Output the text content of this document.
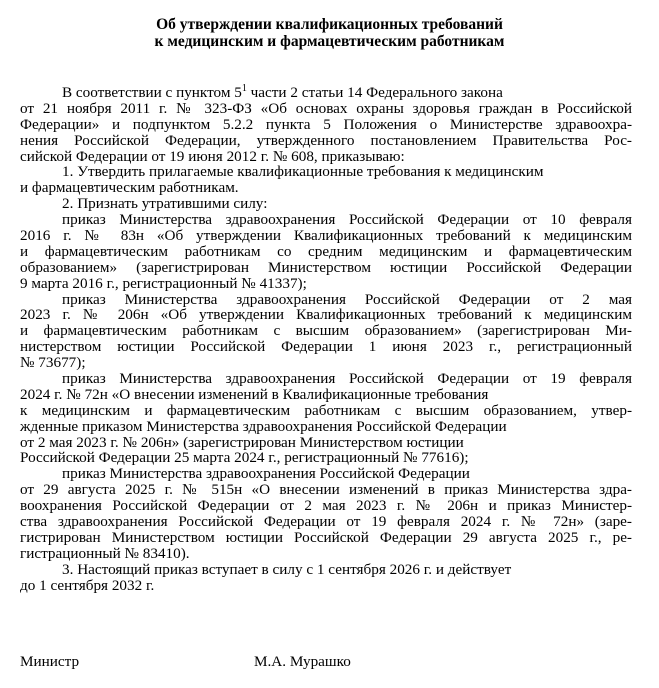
Об утверждении квалификационных требований
к медицинским и фармацевтическим работникам
В соответствии с пунктом $5^1$ части 2 статьи 14 Федерального закона
от 21 ноября 2011 г. № 323-ФЗ «Об основах охраны здоровья граждан в Российской
Федерации» и подпунктом 5.2.2 пункта 5 Положения о Министерстве здравоохра-
нения Российской Федерации, утвержденного постановлением Правительства Рос-
сийской Федерации от 19 июня 2012 г. № 608, приказываю:
1. Утвердить прилагаемые квалификационные требования к медицинским
и фармацевтическим работникам.
2. Признать утратившими силу:
приказ Министерства здравоохранения Российской Федерации от 10 февраля
2016 г. № 83н «Об утверждении Квалификационных требований к медицинским
и фармацевтическим работникам со средним медицинским и фармацевтическим
образованием» (зарегистрирован Министерством юстиции Российской Федерации
9 марта 2016 г., регистрационный № 41337);
приказ Министерства здравоохранения Российской Федерации от 2 мая
2023 г. № 206н «Об утверждении Квалификационных требований к медицинским
и фармацевтическим работникам с высшим образованием» (зарегистрирован Ми-
нистерством юстиции Российской Федерации 1 июня 2023 г., регистрационный
№ 73677);
приказ Министерства здравоохранения Российской Федерации от 19 февраля
2024 г. № 72н «О внесении изменений в Квалификационные требования
к медицинским и фармацевтическим работникам с высшим образованием, утвер-
жденные приказом Министерства здравоохранения Российской Федерации
от 2 мая 2023 г. № 206н» (зарегистрирован Министерством юстиции
Российской Федерации 25 марта 2024 г., регистрационный № 77616);
приказ Министерства здравоохранения Российской Федерации
от 29 августа 2025 г. № 515н «О внесении изменений в приказ Министерства здра-
воохранения Российской Федерации от 2 мая 2023 г. № 206н и приказ Министер-
ства здравоохранения Российской Федерации от 19 февраля 2024 г. № 72н» (заре-
гистрирован Министерством юстиции Российской Федерации 29 августа 2025 г., ре-
гистрационный № 83410).
3. Настоящий приказ вступает в силу с 1 сентября 2026 г. и действует
до 1 сентября 2032 г.
Министр	М.А. Мурашко
